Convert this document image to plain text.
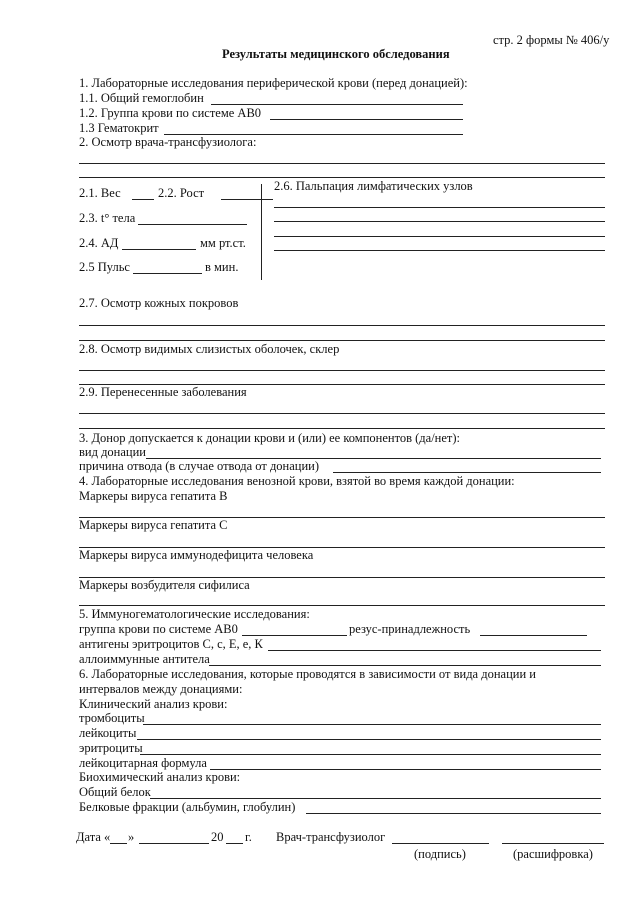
стр. 2 формы № 406/у
Результаты медицинского обследования
1. Лабораторные исследования периферической крови (перед донацией):
1.1. Общий гемоглобин
1.2. Группа крови по системе АВ0
1.3 Гематокрит
2. Осмотр врача-трансфузиолога:
2.1. Вес	2.2. Рост
2.3. t° тела
2.4. АД	мм рт.ст.
2.5 Пульс	в мин.
2.6. Пальпация лимфатических узлов
2.7. Осмотр кожных покровов
2.8. Осмотр видимых слизистых оболочек, склер
2.9. Перенесенные заболевания
3. Донор допускается к донации крови и (или) ее компонентов (да/нет):
вид донации
причина отвода (в случае отвода от донации)
4. Лабораторные исследования венозной крови, взятой во время каждой донации:
Маркеры вируса гепатита В
Маркеры вируса гепатита С
Маркеры вируса иммунодефицита человека
Маркеры возбудителя сифилиса
5. Иммуногематологические исследования:
группа крови по системе АВ0	резус-принадлежность
антигены эритроцитов С, с, Е, е, К
аллоиммунные антитела
6. Лабораторные исследования, которые проводятся в зависимости от вида донации и
интервалов между донациями:
Клинический анализ крови:
тромбоциты
лейкоциты
эритроциты
лейкоцитарная формула
Биохимический анализ крови:
Общий белок
Белковые фракции (альбумин, глобулин)
Дата « »	20 г. Врач-трансфузиолог
(подпись)	(расшифровка)
